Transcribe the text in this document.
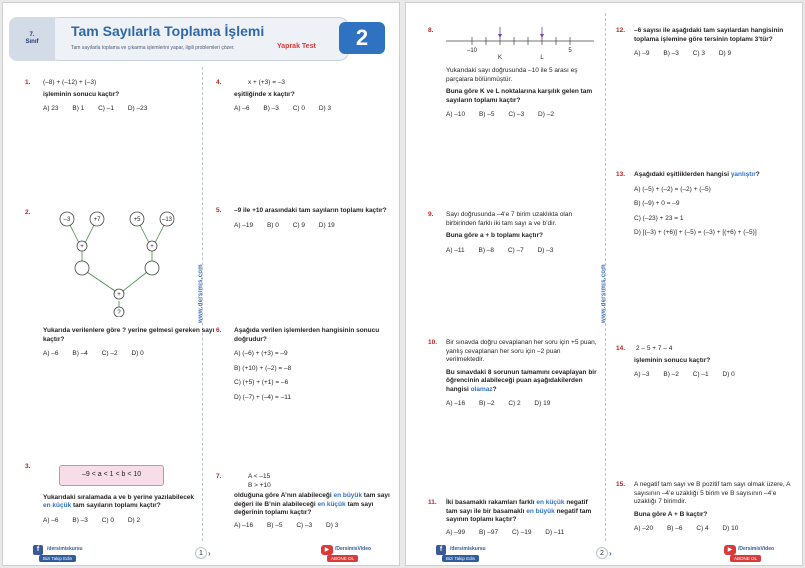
Tam Sayılarla Toplama İşlemi
Tam sayılarla toplama ve çıkarma işlemlerini yapar, ilgili problemleri çözer.	Yaprak Test
7.
Sınıf	2
www.dersimis.com
1. (–8) + (–12) + (–3)
işleminin sonucu kaçtır?
A) 23 B) 1 C) –1 D) –23
2.
–3	+7	+5	–13
+	+
+
?
Yukarıda verilenlere göre ? yerine gelmesi gereken sayı kaçtır?
A) –6 B) –4 C) –2 D) 0
3.
–9 < a < 1 < b < 10
Yukarıdaki sıralamada a ve b yerine yazılabilecek en küçük tam sayıların toplamı kaçtır?
A) –6 B) –3 C) 0 D) 2
4.	x + (+3) = –3
eşitliğinde x kaçtır?
A) –6 B) –3 C) 0 D) 3
5. –9 ile +10 arasındaki tam sayıların toplamı kaçtır?
A) –19 B) 0 C) 9 D) 19
6. Aşağıda verilen işlemlerden hangisinin sonucu doğrudur?
A) (–6) + (+3) = –9
B) (+10) + (–2) = –8
C) (+5) + (+1) = –6
D) (–7) + (–4) = –11
7.	A < –15
B > +10
olduğuna göre A’nın alabileceği en büyük tam sayı değeri ile B’nin alabileceği en küçük tam sayı değerinin toplamı kaçtır?
A) –16 B) –5 C) –3 D) 3
f	/dersimiskursu
Bizi Takip Edin
1 ›	▶	/DersimisVideo
ABONE OL
www.dersimis.com
8.
–10	5
K	L
Yukarıdaki sayı doğrusunda –10 ile 5 arası eş parçalara bölünmüştür.
Buna göre K ve L noktalarına karşılık gelen tam sayıların toplamı kaçtır?
A) –10 B) –5 C) –3 D) –2
9. Sayı doğrusunda –4’e 7 birim uzaklıkta olan birbirinden farklı iki tam sayı a ve b’dir.
Buna göre a + b toplamı kaçtır?
A) –11 B) –8 C) –7 D) –3
10. Bir sınavda doğru cevaplanan her soru için +5 puan, yanlış cevaplanan her soru için –2 puan verilmektedir.
Bu sınavdaki 8 sorunun tamamını cevaplayan bir öğrencinin alabileceği puan aşağıdakilerden hangisi olamaz?
A) –16 B) –2 C) 2 D) 19
11. İki basamaklı rakamları farklı en küçük negatif tam sayı ile bir basamaklı en büyük negatif tam sayının toplamı kaçtır?
A) –99 B) –97 C) –19 D) –11
12. –6 sayısı ile aşağıdaki tam sayılardan hangisinin toplama işlemine göre tersinin toplamı 3’tür?
A) –9 B) –3 C) 3 D) 9
13. Aşağıdaki eşitliklerden hangisi yanlıştır?
A) (–5) + (–2) = (–2) + (–5)
B) (–9) + 0 = –9
C) (–23) + 23 = 1
D) [(–3) + (+6)] + (–5) = (–3) + [(+6) + (–5)]
14. 2 – 5 + 7 – 4
işleminin sonucu kaçtır?
A) –3 B) –2 C) –1 D) 0
15. A negatif tam sayı ve B pozitif tam sayı olmak üzere, A sayısının –4’e uzaklığı 5 birim ve B sayısının –4’e uzaklığı 7 birimdir.
Buna göre A + B kaçtır?
A) –20 B) –6 C) 4 D) 10
f	/dersimiskursu
Bizi Takip Edin
2 ›	▶	/DersimisVideo
ABONE OL
